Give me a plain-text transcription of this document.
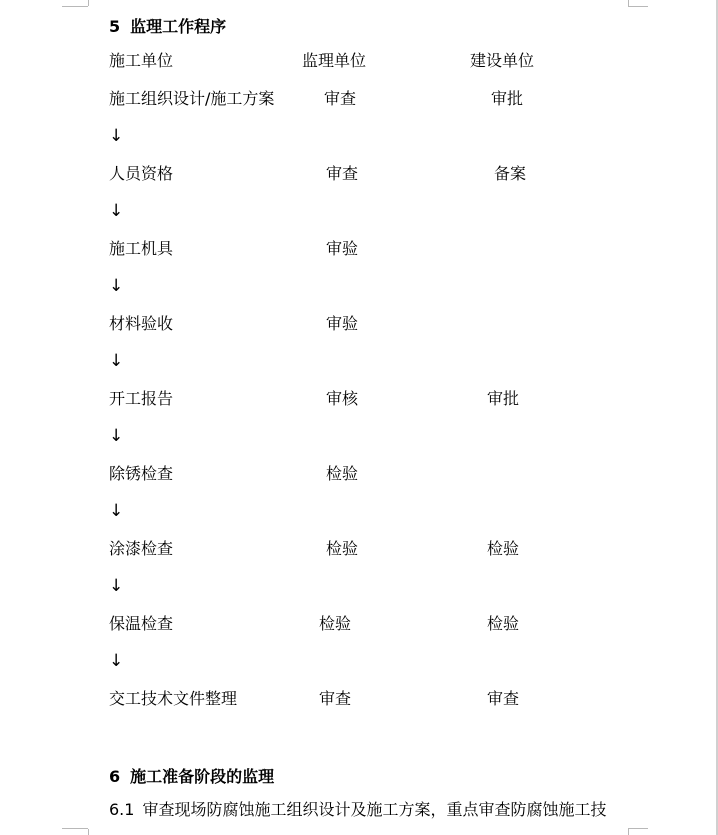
5 监理工作程序
施工单位	监理单位	建设单位
施工组织设计/施工方案	审查	审批
↓
人员资格	审查	备案
↓
施工机具	审验
↓
材料验收	审验
↓
开工报告	审核	审批
↓
除锈检查	检验
↓
涂漆检查	检验	检验
↓
保温检查	检验	检验
↓
交工技术文件整理	审查	审查
6 施工准备阶段的监理
6.1 审查现场防腐蚀施工组织设计及施工方案，重点审查防腐蚀施工技
